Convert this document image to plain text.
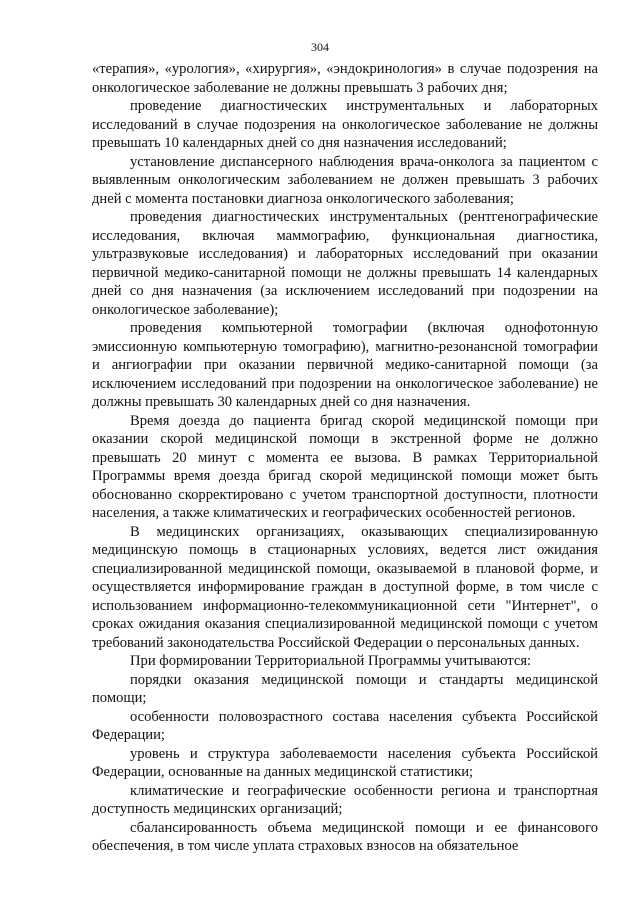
304

«терапия», «урология», «хирургия», «эндокринология» в случае подозрения на онкологическое заболевание не должны превышать 3 рабочих дня;

проведение диагностических инструментальных и лабораторных исследований в случае подозрения на онкологическое заболевание не должны превышать 10 календарных дней со дня назначения исследований;

установление диспансерного наблюдения врача-онколога за пациентом с выявленным онкологическим заболеванием не должен превышать 3 рабочих дней с момента постановки диагноза онкологического заболевания;

проведения диагностических инструментальных (рентгенографические исследования, включая маммографию, функциональная диагностика, ультразвуковые исследования) и лабораторных исследований при оказании первичной медико-санитарной помощи не должны превышать 14 календарных дней со дня назначения (за исключением исследований при подозрении на онкологическое заболевание);

проведения компьютерной томографии (включая однофотонную эмиссионную компьютерную томографию), магнитно-резонансной томографии и ангиографии при оказании первичной медико-санитарной помощи (за исключением исследований при подозрении на онкологическое заболевание) не должны превышать 30 календарных дней со дня назначения.

Время доезда до пациента бригад скорой медицинской помощи при оказании скорой медицинской помощи в экстренной форме не должно превышать 20 минут с момента ее вызова. В рамках Территориальной Программы время доезда бригад скорой медицинской помощи может быть обоснованно скорректировано с учетом транспортной доступности, плотности населения, а также климатических и географических особенностей регионов.

В медицинских организациях, оказывающих специализированную медицинскую помощь в стационарных условиях, ведется лист ожидания специализированной медицинской помощи, оказываемой в плановой форме, и осуществляется информирование граждан в доступной форме, в том числе с использованием информационно-телекоммуникационной сети "Интернет", о сроках ожидания оказания специализированной медицинской помощи с учетом требований законодательства Российской Федерации о персональных данных.

При формировании Территориальной Программы учитываются:

порядки оказания медицинской помощи и стандарты медицинской помощи;

особенности половозрастного состава населения субъекта Российской Федерации;

уровень и структура заболеваемости населения субъекта Российской Федерации, основанные на данных медицинской статистики;

климатические и географические особенности региона и транспортная доступность медицинских организаций;

сбалансированность объема медицинской помощи и ее финансового обеспечения, в том числе уплата страховых взносов на обязательное
